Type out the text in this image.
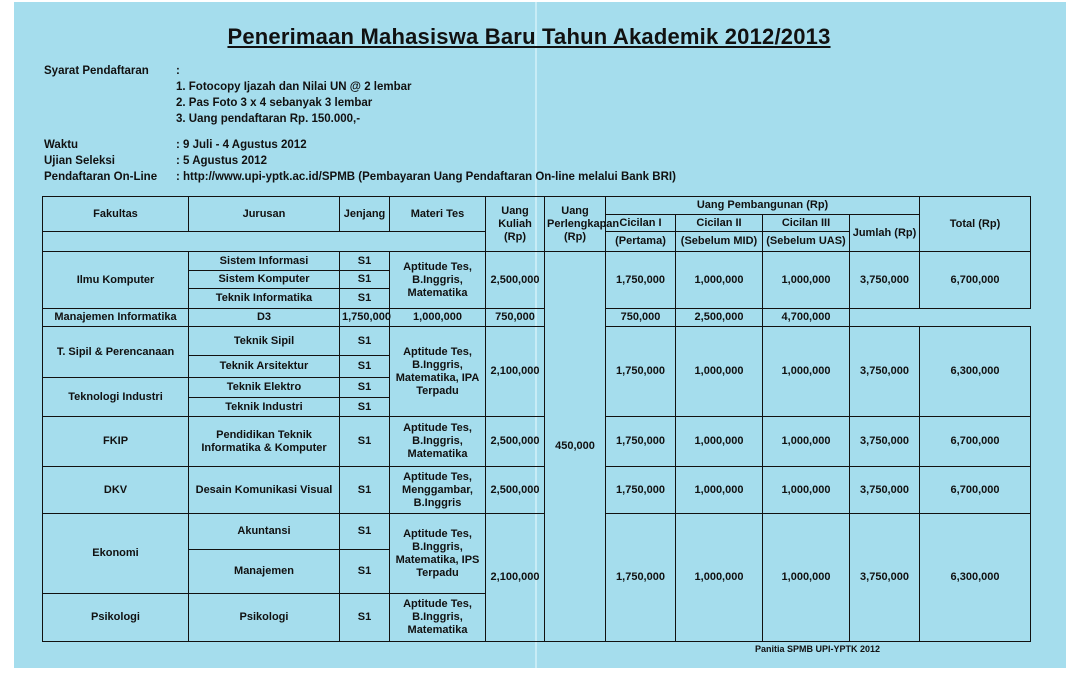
Penerimaan Mahasiswa Baru Tahun Akademik 2012/2013
Syarat Pendaftaran :
1. Fotocopy Ijazah dan Nilai UN @ 2 lembar
2. Pas Foto 3 x 4 sebanyak 3 lembar
3. Uang pendaftaran Rp. 150.000,-
Waktu	: 9 Juli - 4 Agustus 2012
Ujian Seleksi	: 5 Agustus 2012
Pendaftaran On-Line : http://www.upi-yptk.ac.id/SPMB (Pembayaran Uang Pendaftaran On-line melalui Bank BRI)
Fakultas	Jurusan	Jenjang	Materi Tes	Uang Kuliah (Rp)	Uang Perlengkapan (Rp)	Uang Pembangunan (Rp)				Total (Rp)
						Cicilan I	Cicilan II	Cicilan III	Jumlah (Rp)	
						(Pertama)	(Sebelum MID)	(Sebelum UAS)		
Ilmu Komputer	Sistem Informasi	S1	Aptitude Tes, B.Inggris, Matematika	2,500,000	450,000	1,750,000	1,000,000	1,000,000	3,750,000	6,700,000
	Sistem Komputer	S1								
	Teknik Informatika	S1								
Manajemen Informatika	D3	1,750,000	1,000,000	750,000		750,000	2,500,000	4,700,000		
T. Sipil & Perencanaan	Teknik Sipil	S1	Aptitude Tes, B.Inggris, Matematika, IPA Terpadu	2,100,000		1,750,000	1,000,000	1,000,000	3,750,000	6,300,000
	Teknik Arsitektur	S1								
Teknologi Industri	Teknik Elektro	S1								
	Teknik Industri	S1								
FKIP	Pendidikan Teknik Informatika & Komputer	S1	Aptitude Tes, B.Inggris, Matematika	2,500,000		1,750,000	1,000,000	1,000,000	3,750,000	6,700,000
DKV	Desain Komunikasi Visual	S1	Aptitude Tes, Menggambar, B.Inggris	2,500,000		1,750,000	1,000,000	1,000,000	3,750,000	6,700,000
Ekonomi	Akuntansi	S1	Aptitude Tes, B.Inggris, Matematika, IPS Terpadu	2,100,000		1,750,000	1,000,000	1,000,000	3,750,000	6,300,000
	Manajemen	S1								
Psikologi	Psikologi	S1	Aptitude Tes, B.Inggris, Matematika							
Panitia SPMB UPI-YPTK 2012
